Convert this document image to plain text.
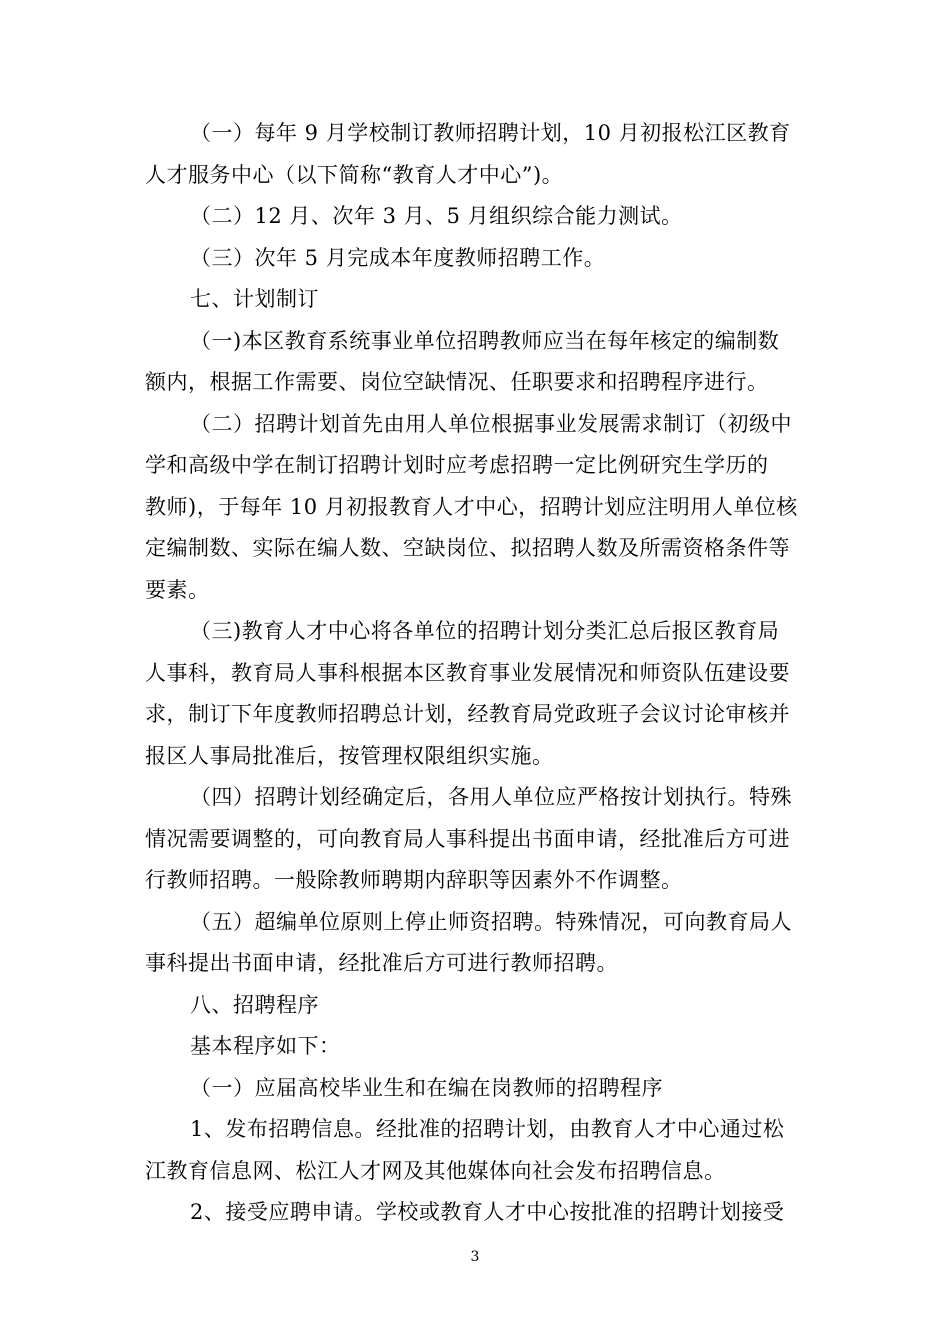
（一）每年 9 月学校制订教师招聘计划，10 月初报松江区教育
人才服务中心（以下简称“教育人才中心”)。

（二）12 月、次年 3 月、5 月组织综合能力测试。

（三）次年 5 月完成本年度教师招聘工作。

七、计划制订

（一)本区教育系统事业单位招聘教师应当在每年核定的编制数
额内，根据工作需要、岗位空缺情况、任职要求和招聘程序进行。

（二）招聘计划首先由用人单位根据事业发展需求制订（初级中
学和高级中学在制订招聘计划时应考虑招聘一定比例研究生学历的
教师)，于每年 10 月初报教育人才中心，招聘计划应注明用人单位核
定编制数、实际在编人数、空缺岗位、拟招聘人数及所需资格条件等
要素。

（三)教育人才中心将各单位的招聘计划分类汇总后报区教育局
人事科，教育局人事科根据本区教育事业发展情况和师资队伍建设要
求，制订下年度教师招聘总计划，经教育局党政班子会议讨论审核并
报区人事局批准后，按管理权限组织实施。

（四）招聘计划经确定后，各用人单位应严格按计划执行。特殊
情况需要调整的，可向教育局人事科提出书面申请，经批准后方可进
行教师招聘。一般除教师聘期内辞职等因素外不作调整。

（五）超编单位原则上停止师资招聘。特殊情况，可向教育局人
事科提出书面申请，经批准后方可进行教师招聘。

八、招聘程序

基本程序如下：

（一）应届高校毕业生和在编在岗教师的招聘程序

1、发布招聘信息。经批准的招聘计划，由教育人才中心通过松
江教育信息网、松江人才网及其他媒体向社会发布招聘信息。

2、接受应聘申请。学校或教育人才中心按批准的招聘计划接受

3
